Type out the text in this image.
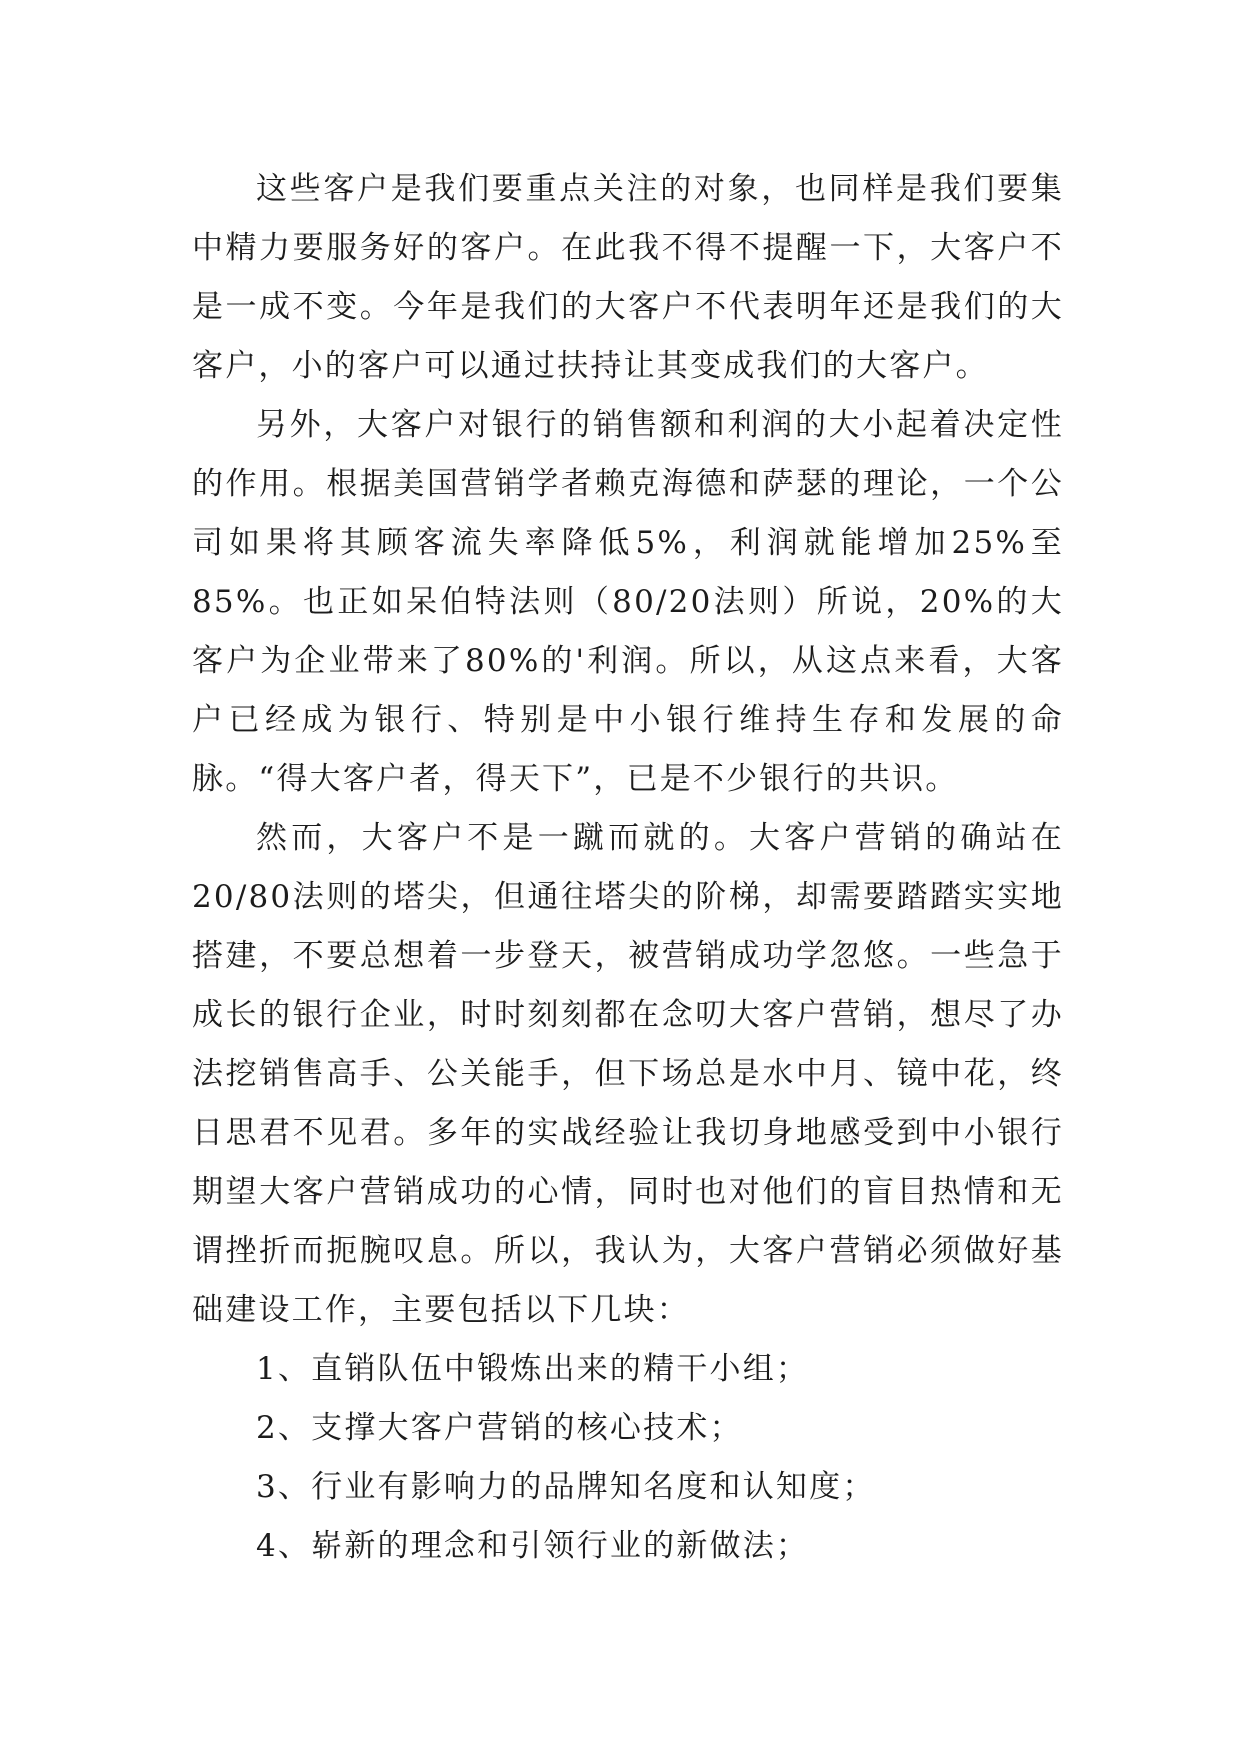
这些客户是我们要重点关注的对象，也同样是我们要集中精力要服务好的客户。在此我不得不提醒一下，大客户不是一成不变。今年是我们的大客户不代表明年还是我们的大客户，小的客户可以通过扶持让其变成我们的大客户。

另外，大客户对银行的销售额和利润的大小起着决定性的作用。根据美国营销学者赖克海德和萨瑟的理论，一个公司如果将其顾客流失率降低5%，利润就能增加25%至85%。也正如呆伯特法则（80/20法则）所说，20%的大客户为企业带来了80%的'利润。所以，从这点来看，大客户已经成为银行、特别是中小银行维持生存和发展的命脉。“得大客户者，得天下”，已是不少银行的共识。

然而，大客户不是一蹴而就的。大客户营销的确站在20/80法则的塔尖，但通往塔尖的阶梯，却需要踏踏实实地搭建，不要总想着一步登天，被营销成功学忽悠。一些急于成长的银行企业，时时刻刻都在念叨大客户营销，想尽了办法挖销售高手、公关能手，但下场总是水中月、镜中花，终日思君不见君。多年的实战经验让我切身地感受到中小银行期望大客户营销成功的心情，同时也对他们的盲目热情和无谓挫折而扼腕叹息。所以，我认为，大客户营销必须做好基础建设工作，主要包括以下几块：

1、直销队伍中锻炼出来的精干小组；

2、支撑大客户营销的核心技术；

3、行业有影响力的品牌知名度和认知度；

4、崭新的理念和引领行业的新做法；
